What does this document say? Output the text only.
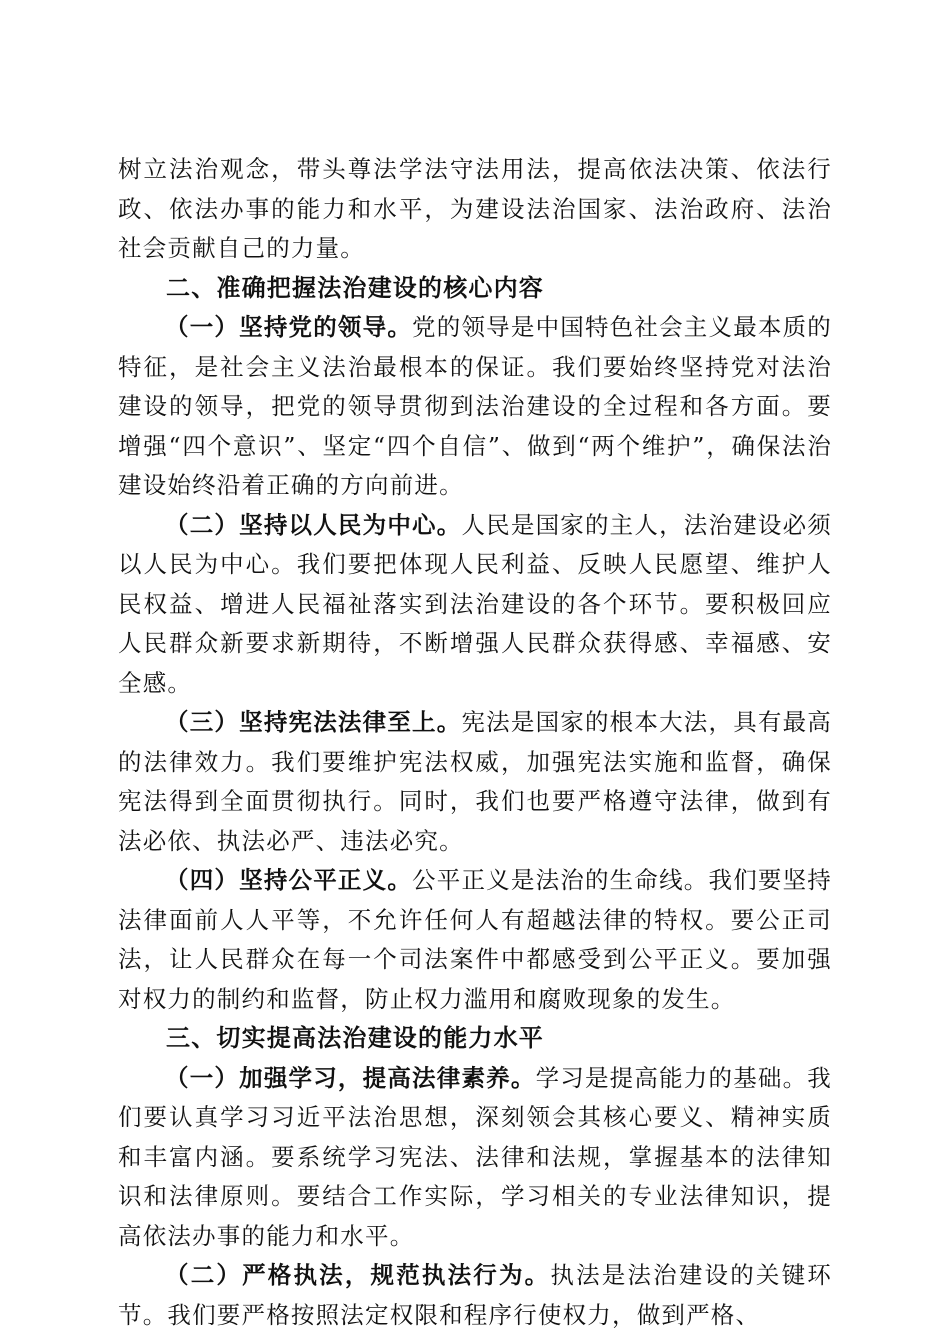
树立法治观念，带头尊法学法守法用法，提高依法决策、依法行政、依法办事的能力和水平，为建设法治国家、法治政府、法治社会贡献自己的力量。

二、准确把握法治建设的核心内容

（一）坚持党的领导。党的领导是中国特色社会主义最本质的特征，是社会主义法治最根本的保证。我们要始终坚持党对法治建设的领导，把党的领导贯彻到法治建设的全过程和各方面。要增强“四个意识”、坚定“四个自信”、做到“两个维护”，确保法治建设始终沿着正确的方向前进。

（二）坚持以人民为中心。人民是国家的主人，法治建设必须以人民为中心。我们要把体现人民利益、反映人民愿望、维护人民权益、增进人民福祉落实到法治建设的各个环节。要积极回应人民群众新要求新期待，不断增强人民群众获得感、幸福感、安全感。

（三）坚持宪法法律至上。宪法是国家的根本大法，具有最高的法律效力。我们要维护宪法权威，加强宪法实施和监督，确保宪法得到全面贯彻执行。同时，我们也要严格遵守法律，做到有法必依、执法必严、违法必究。

（四）坚持公平正义。公平正义是法治的生命线。我们要坚持法律面前人人平等，不允许任何人有超越法律的特权。要公正司法，让人民群众在每一个司法案件中都感受到公平正义。要加强对权力的制约和监督，防止权力滥用和腐败现象的发生。

三、切实提高法治建设的能力水平

（一）加强学习，提高法律素养。学习是提高能力的基础。我们要认真学习习近平法治思想，深刻领会其核心要义、精神实质和丰富内涵。要系统学习宪法、法律和法规，掌握基本的法律知识和法律原则。要结合工作实际，学习相关的专业法律知识，提高依法办事的能力和水平。

（二）严格执法，规范执法行为。执法是法治建设的关键环节。我们要严格按照法定权限和程序行使权力，做到严格、
